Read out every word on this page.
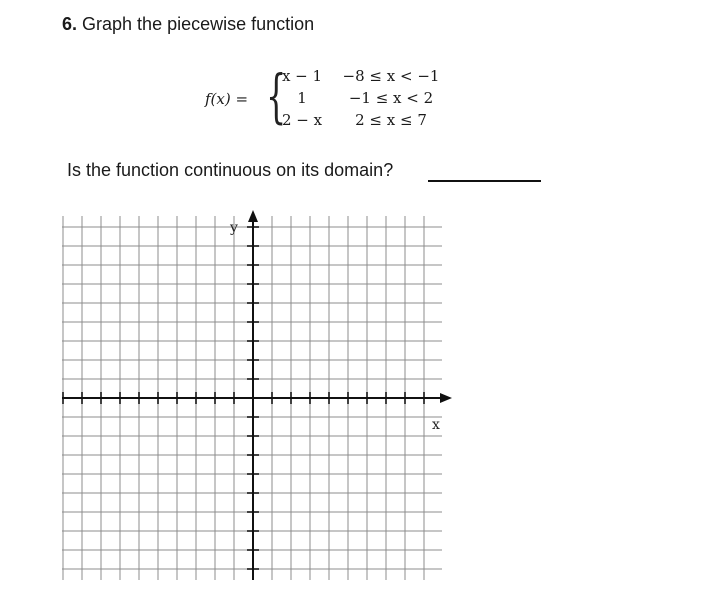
6. Graph the piecewise function
f(x) = {
x − 1	−8 ≤ x < −1
1	−1 ≤ x < 2
2 − x	2 ≤ x ≤ 7
Is the function continuous on its domain?
x
y
